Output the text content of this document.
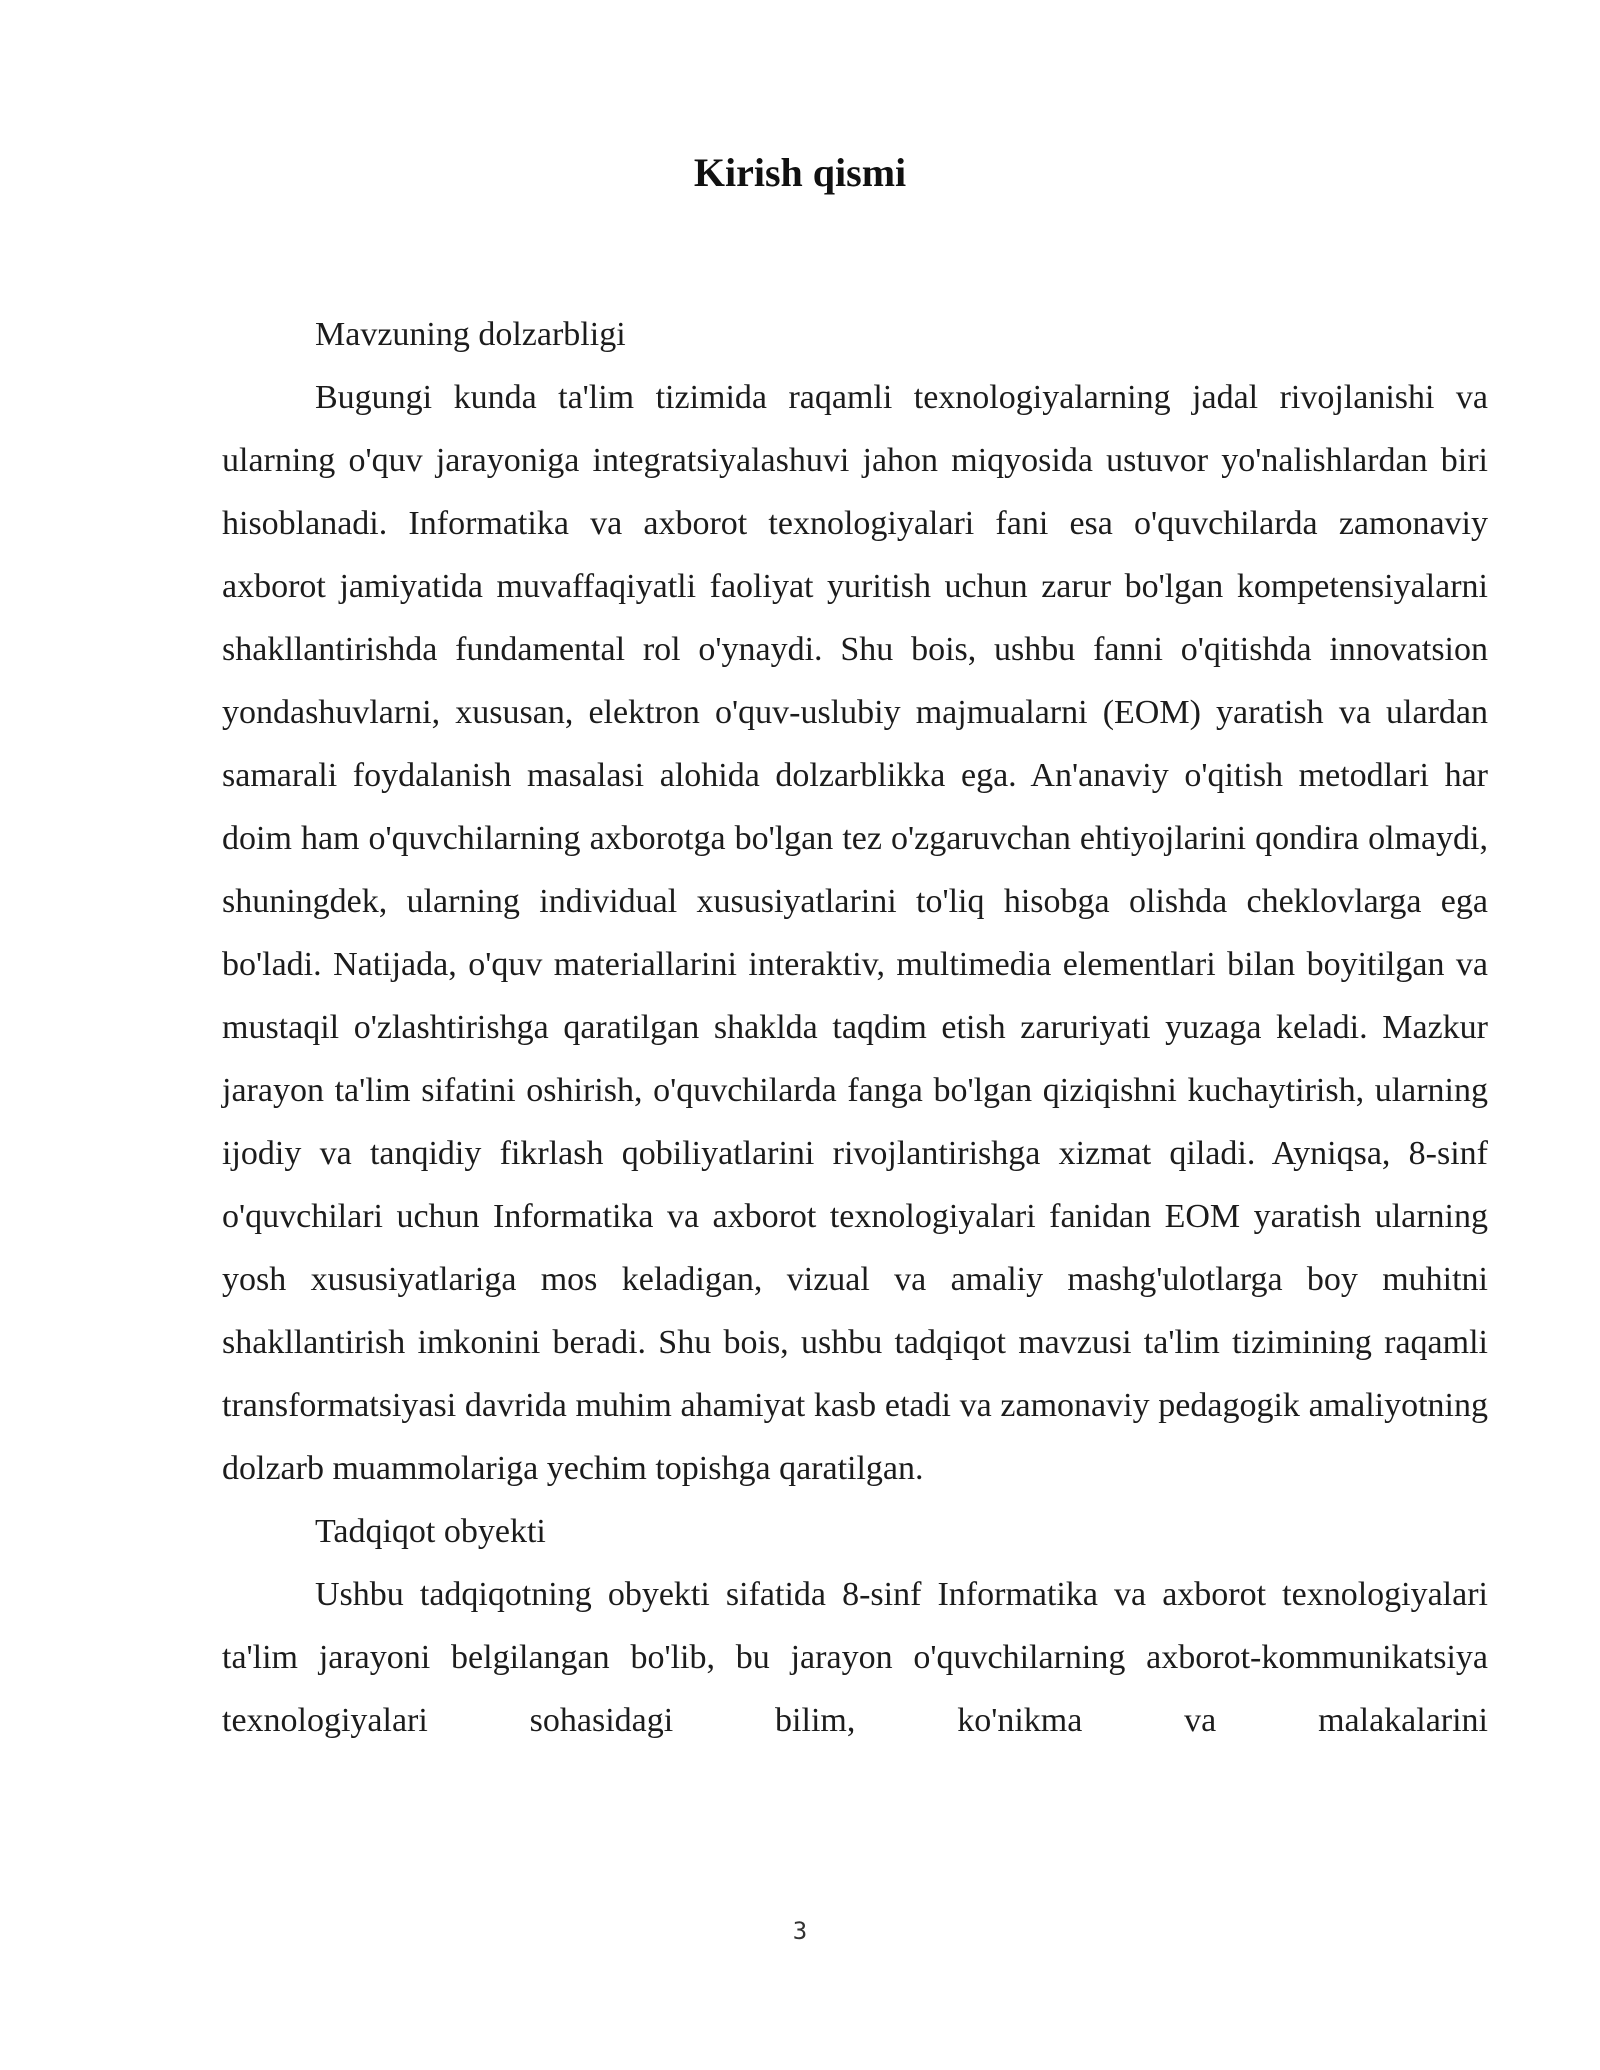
Kirish qismi

Mavzuning dolzarbligi

Bugungi kunda ta'lim tizimida raqamli texnologiyalarning jadal rivojlanishi va ularning o'quv jarayoniga integratsiyalashuvi jahon miqyosida ustuvor yo'nalishlardan biri hisoblanadi. Informatika va axborot texnologiyalari fani esa o'quvchilarda zamonaviy axborot jamiyatida muvaffaqiyatli faoliyat yuritish uchun zarur bo'lgan kompetensiyalarni shakllantirishda fundamental rol o'ynaydi. Shu bois, ushbu fanni o'qitishda innovatsion yondashuvlarni, xususan, elektron o'quv-uslubiy majmualarni (EOM) yaratish va ulardan samarali foydalanish masalasi alohida dolzarblikka ega. An'anaviy o'qitish metodlari har doim ham o'quvchilarning axborotga bo'lgan tez o'zgaruvchan ehtiyojlarini qondira olmaydi, shuningdek, ularning individual xususiyatlarini to'liq hisobga olishda cheklovlarga ega bo'ladi. Natijada, o'quv materiallarini interaktiv, multimedia elementlari bilan boyitilgan va mustaqil o'zlashtirishga qaratilgan shaklda taqdim etish zaruriyati yuzaga keladi. Mazkur jarayon ta'lim sifatini oshirish, o'quvchilarda fanga bo'lgan qiziqishni kuchaytirish, ularning ijodiy va tanqidiy fikrlash qobiliyatlarini rivojlantirishga xizmat qiladi. Ayniqsa, 8-sinf o'quvchilari uchun Informatika va axborot texnologiyalari fanidan EOM yaratish ularning yosh xususiyatlariga mos keladigan, vizual va amaliy mashg'ulotlarga boy muhitni shakllantirish imkonini beradi. Shu bois, ushbu tadqiqot mavzusi ta'lim tizimining raqamli transformatsiyasi davrida muhim ahamiyat kasb etadi va zamonaviy pedagogik amaliyotning dolzarb muammolariga yechim topishga qaratilgan.

Tadqiqot obyekti

Ushbu tadqiqotning obyekti sifatida 8-sinf Informatika va axborot texnologiyalari ta'lim jarayoni belgilangan bo'lib, bu jarayon o'quvchilarning axborot-kommunikatsiya texnologiyalari sohasidagi bilim, ko'nikma va malakalarini

3
